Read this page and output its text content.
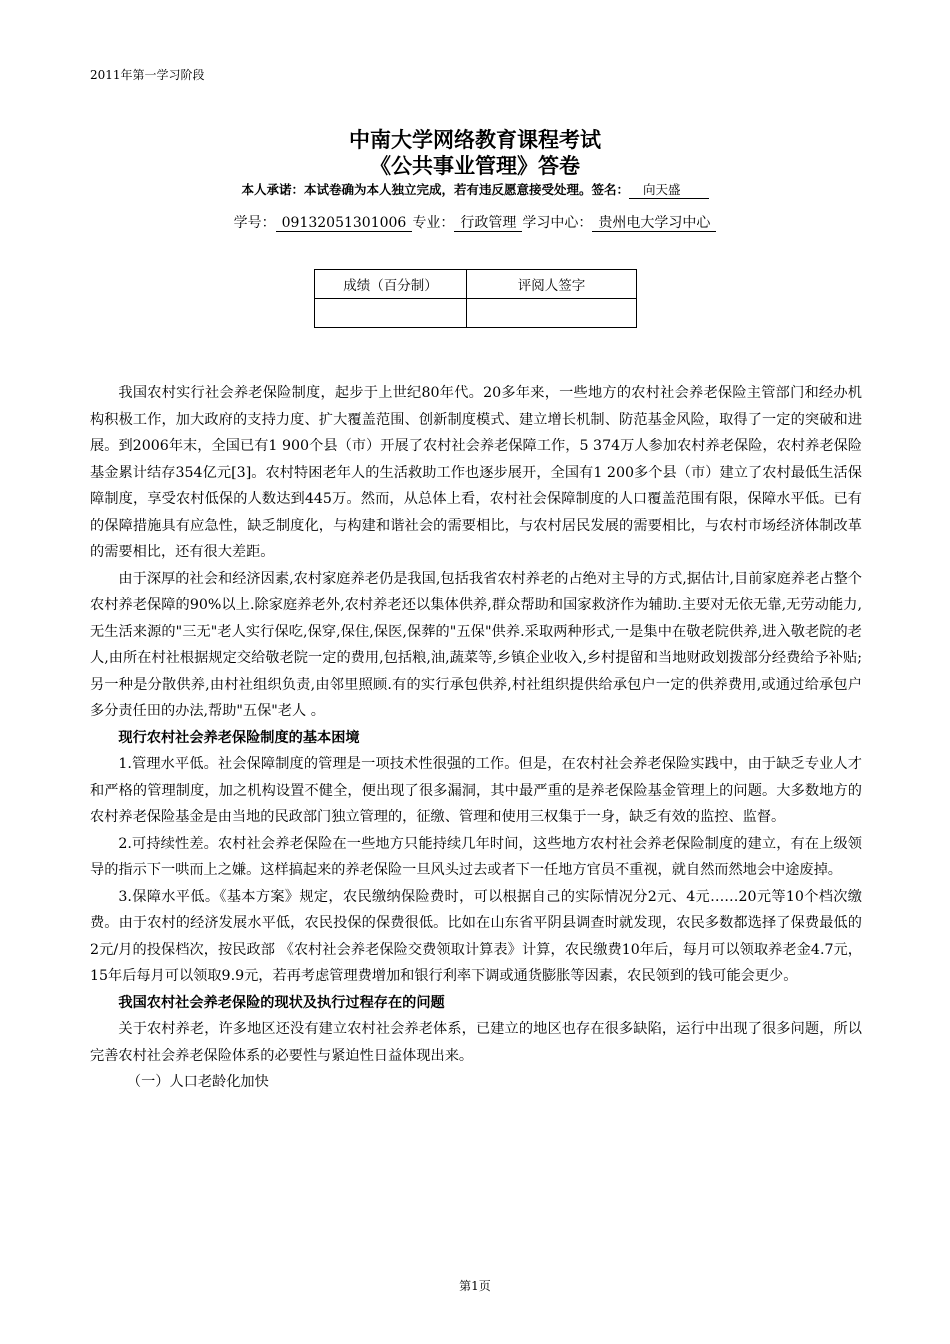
2011年第一学习阶段
中南大学网络教育课程考试
《公共事业管理》答卷
本人承诺：本试卷确为本人独立完成，若有违反愿意接受处理。签名： 向天盛
学号： 09132051301006 专业： 行政管理 学习中心： 贵州电大学习中心
成绩（百分制）	评阅人签字

我国农村实行社会养老保险制度，起步于上世纪80年代。20多年来，一些地方的农村社会养老保险主管部门和经办机构积极工作，加大政府的支持力度、扩大覆盖范围、创新制度模式、建立增长机制、防范基金风险，取得了一定的突破和进展。到2006年末，全国已有1 900个县（市）开展了农村社会养老保障工作，5 374万人参加农村养老保险，农村养老保险基金累计结存354亿元[3]。农村特困老年人的生活救助工作也逐步展开，全国有1 200多个县（市）建立了农村最低生活保障制度，享受农村低保的人数达到445万。然而，从总体上看，农村社会保障制度的人口覆盖范围有限，保障水平低。已有的保障措施具有应急性，缺乏制度化，与构建和谐社会的需要相比，与农村居民发展的需要相比，与农村市场经济体制改革的需要相比，还有很大差距。

由于深厚的社会和经济因素,农村家庭养老仍是我国,包括我省农村养老的占绝对主导的方式,据估计,目前家庭养老占整个农村养老保障的90%以上.除家庭养老外,农村养老还以集体供养,群众帮助和国家救济作为辅助.主要对无依无靠,无劳动能力,无生活来源的"三无"老人实行保吃,保穿,保住,保医,保葬的"五保"供养.采取两种形式,一是集中在敬老院供养,进入敬老院的老人,由所在村社根据规定交给敬老院一定的费用,包括粮,油,蔬菜等,乡镇企业收入,乡村提留和当地财政划拨部分经费给予补贴;另一种是分散供养,由村社组织负责,由邻里照顾.有的实行承包供养,村社组织提供给承包户一定的供养费用,或通过给承包户多分责任田的办法,帮助"五保"老人 。

现行农村社会养老保险制度的基本困境

1.管理水平低。社会保障制度的管理是一项技术性很强的工作。但是，在农村社会养老保险实践中，由于缺乏专业人才和严格的管理制度，加之机构设置不健全，便出现了很多漏洞，其中最严重的是养老保险基金管理上的问题。大多数地方的农村养老保险基金是由当地的民政部门独立管理的，征缴、管理和使用三权集于一身，缺乏有效的监控、监督。

2.可持续性差。农村社会养老保险在一些地方只能持续几年时间，这些地方农村社会养老保险制度的建立，有在上级领导的指示下一哄而上之嫌。这样搞起来的养老保险一旦风头过去或者下一任地方官员不重视，就自然而然地会中途废掉。

3.保障水平低。《基本方案》规定，农民缴纳保险费时，可以根据自己的实际情况分2元、4元……20元等10个档次缴费。由于农村的经济发展水平低，农民投保的保费很低。比如在山东省平阴县调查时就发现，农民多数都选择了保费最低的2元/月的投保档次，按民政部 《农村社会养老保险交费领取计算表》计算，农民缴费10年后，每月可以领取养老金4.7元，15年后每月可以领取9.9元，若再考虑管理费增加和银行利率下调或通货膨胀等因素，农民领到的钱可能会更少。

我国农村社会养老保险的现状及执行过程存在的问题

关于农村养老，许多地区还没有建立农村社会养老体系，已建立的地区也存在很多缺陷，运行中出现了很多问题，所以完善农村社会养老保险体系的必要性与紧迫性日益体现出来。

（一）人口老龄化加快

第1页
